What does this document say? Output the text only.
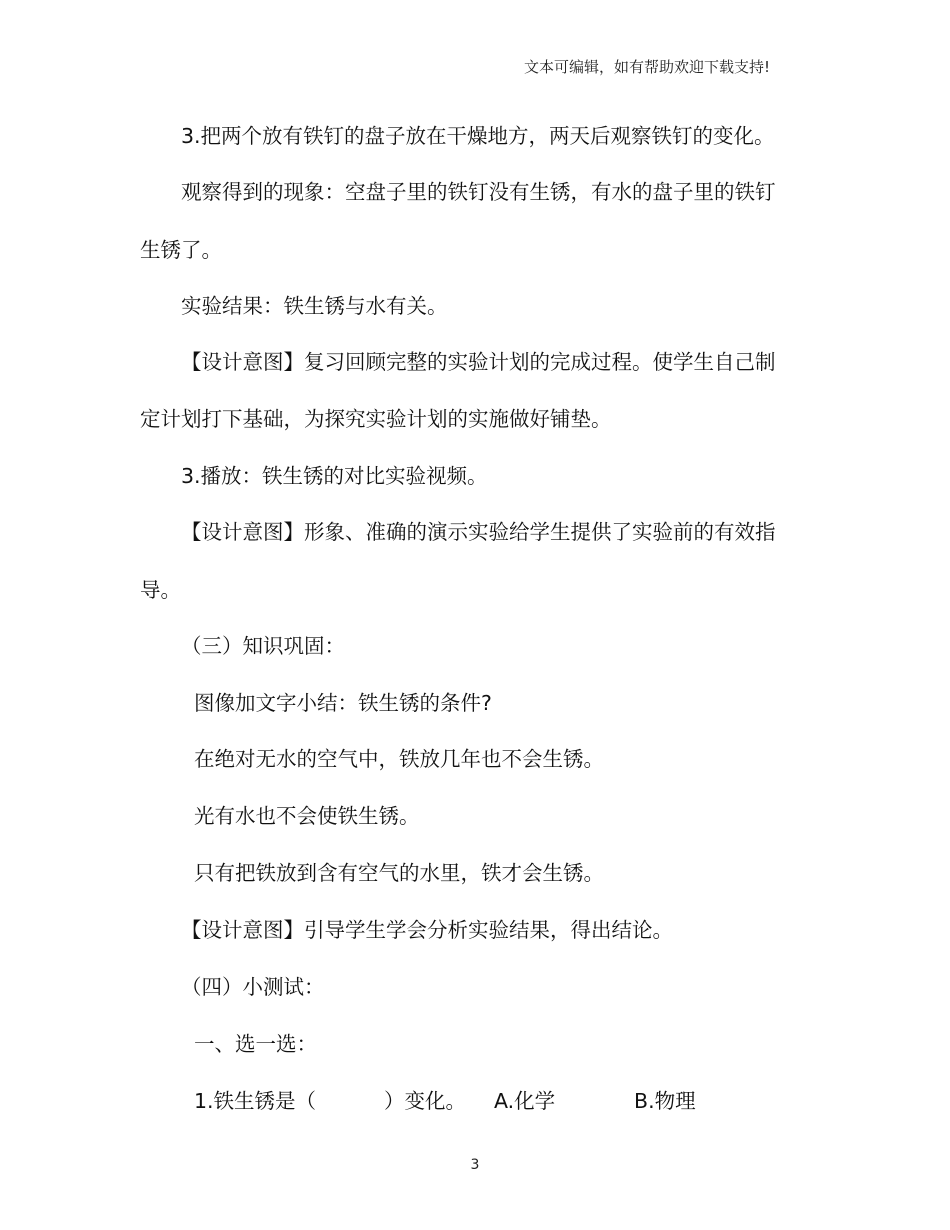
文本可编辑，如有帮助欢迎下载支持!
3.把两个放有铁钉的盘子放在干燥地方，两天后观察铁钉的变化。
观察得到的现象：空盘子里的铁钉没有生锈，有水的盘子里的铁钉
生锈了。
实验结果：铁生锈与水有关。
【设计意图】复习回顾完整的实验计划的完成过程。使学生自己制
定计划打下基础，为探究实验计划的实施做好铺垫。
3.播放：铁生锈的对比实验视频。
【设计意图】形象、准确的演示实验给学生提供了实验前的有效指
导。
（三）知识巩固：
图像加文字小结：铁生锈的条件?
在绝对无水的空气中，铁放几年也不会生锈。
光有水也不会使铁生锈。
只有把铁放到含有空气的水里，铁才会生锈。
【设计意图】引导学生学会分析实验结果，得出结论。
（四）小测试：
一、选一选：
1.铁生锈是（	）变化。 A.化学	B.物理
3
